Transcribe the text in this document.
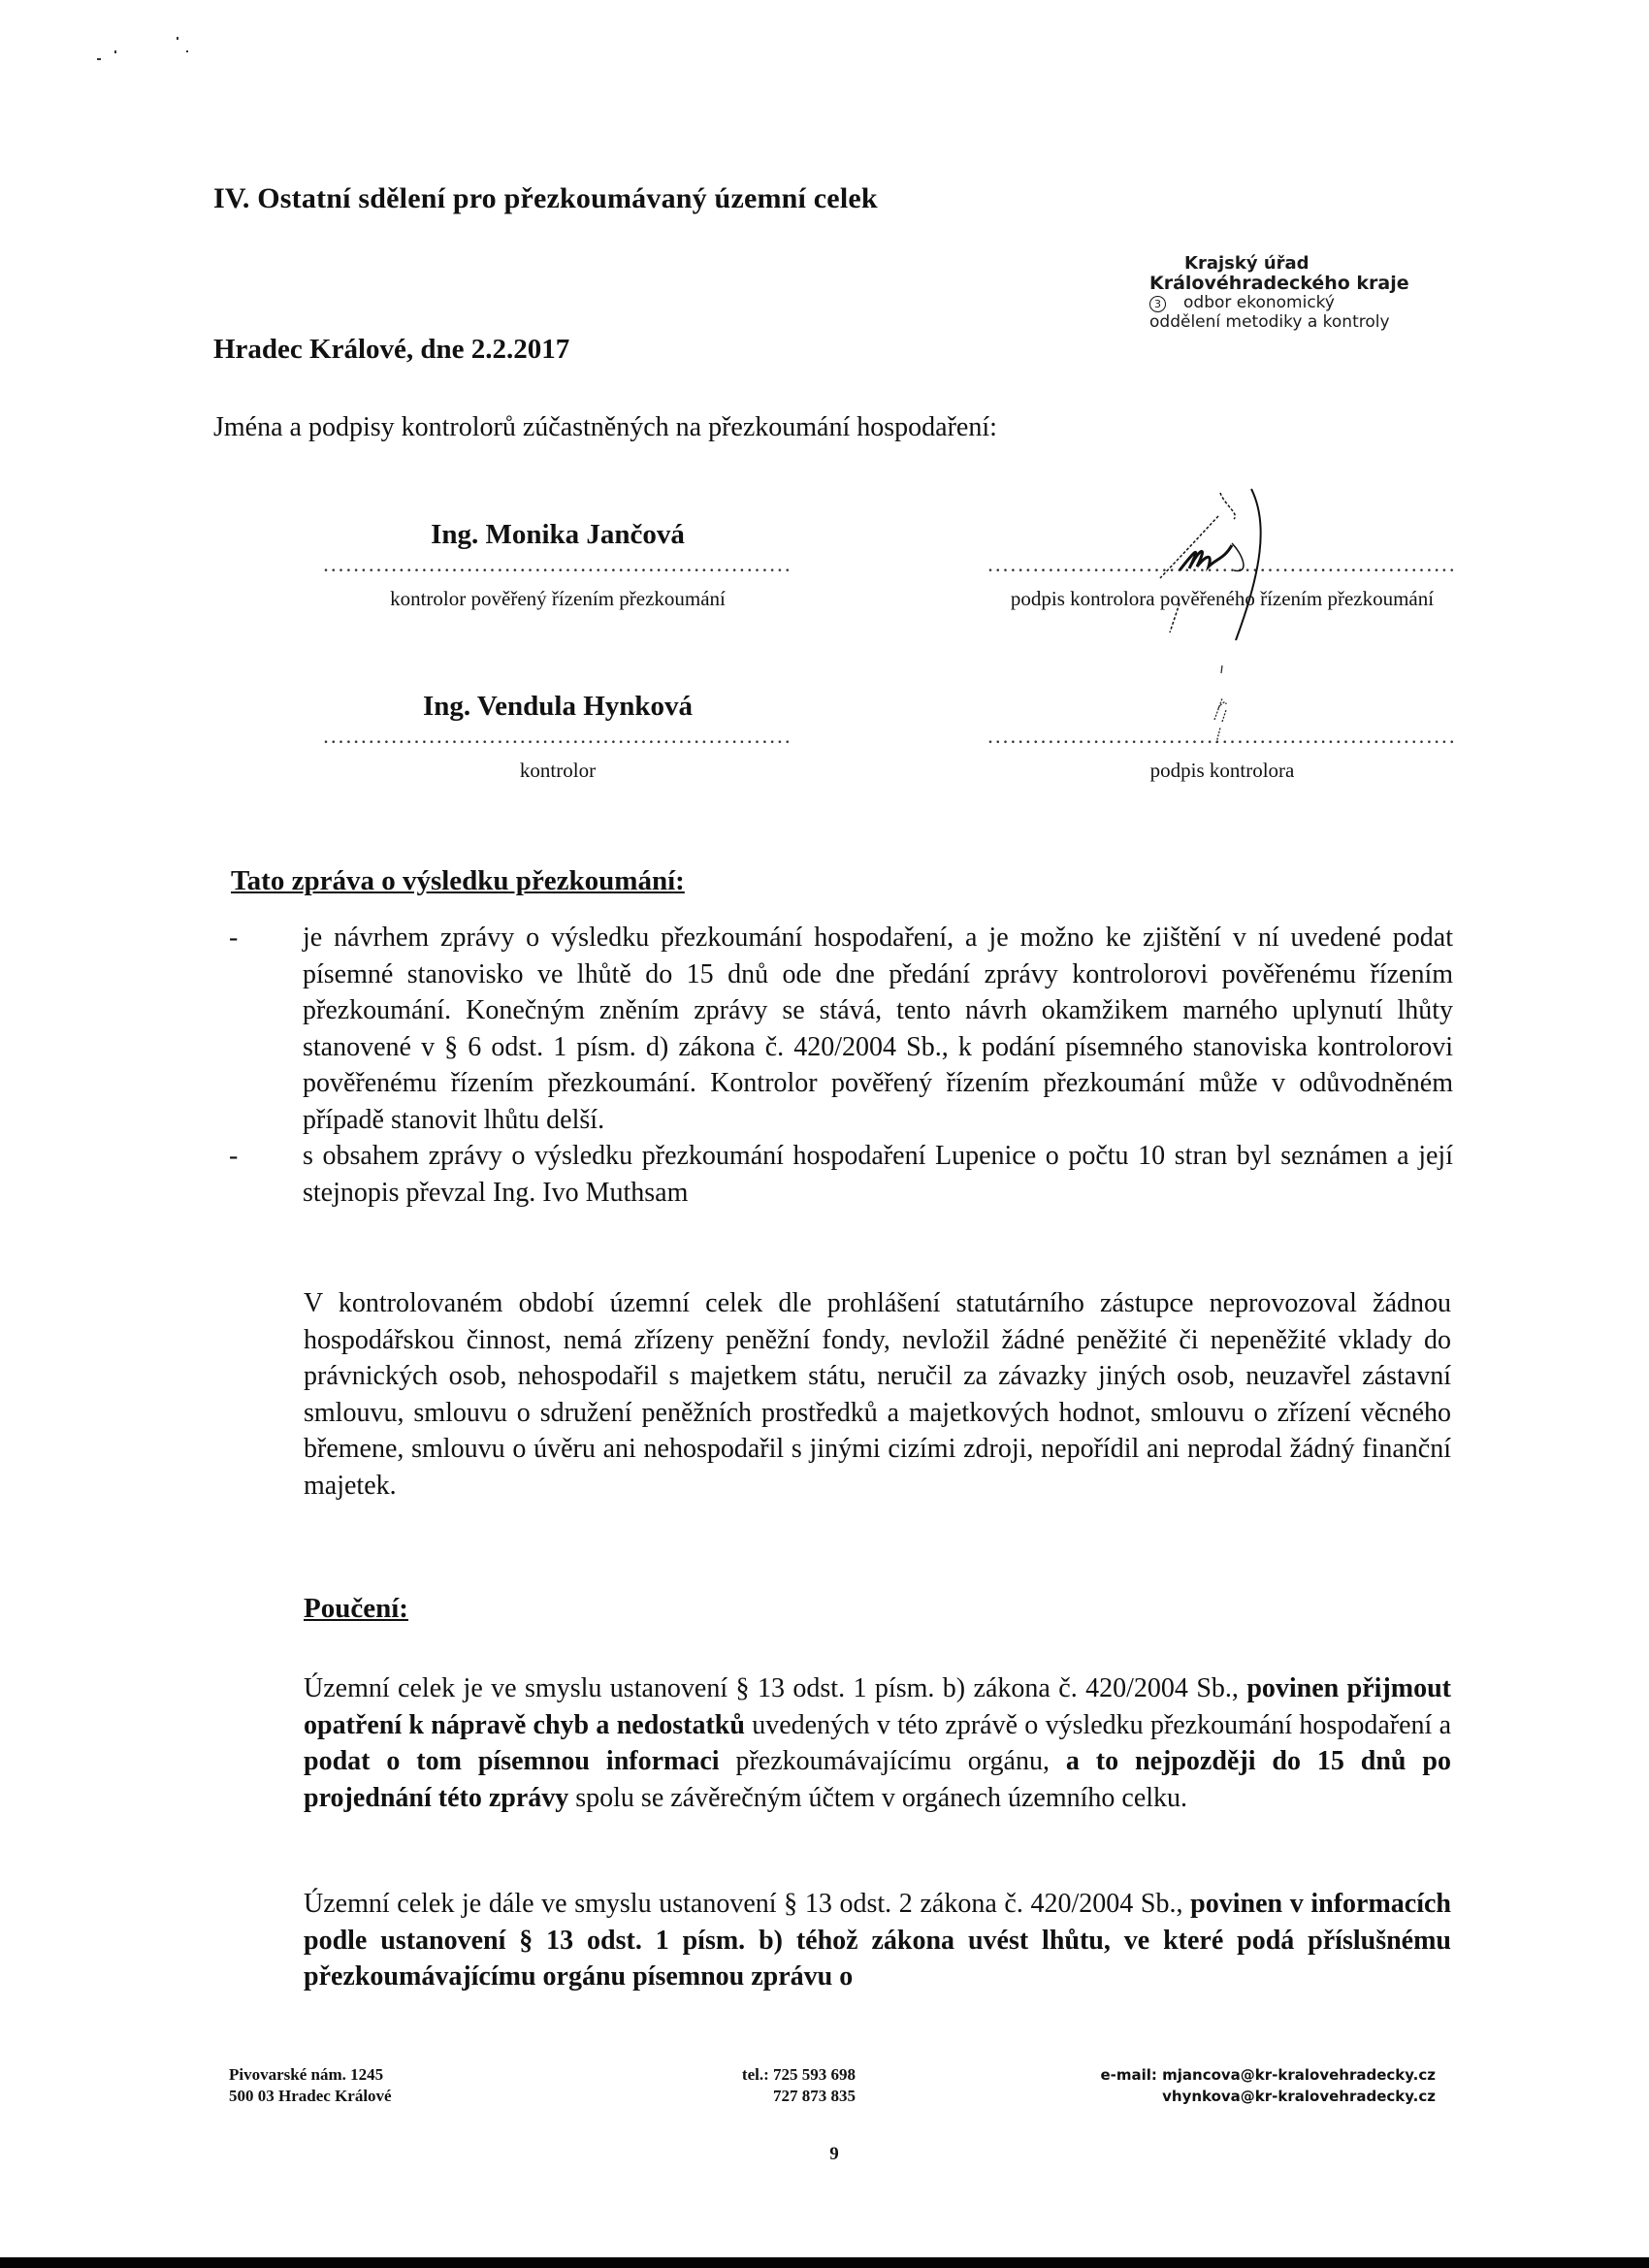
IV. Ostatní sdělení pro přezkoumávaný územní celek
Krajský úřad
Královéhradeckého kraje
3 odbor ekonomický
oddělení metodiky a kontroly
Hradec Králové, dne 2.2.2017
Jména a podpisy kontrolorů zúčastněných na přezkoumání hospodaření:
Ing. Monika Jančová
..............................................................
kontrolor pověřený řízením přezkoumání
..............................................................
podpis kontrolora pověřeného řízením přezkoumání
Ing. Vendula Hynková
..............................................................
kontrolor
..............................................................
podpis kontrolora
Tato zpráva o výsledku přezkoumání:
-	je návrhem zprávy o výsledku přezkoumání hospodaření, a je možno ke zjištění v ní uvedené podat písemné stanovisko ve lhůtě do 15 dnů ode dne předání zprávy kontrolorovi pověřenému řízením přezkoumání. Konečným zněním zprávy se stává, tento návrh okamžikem marného uplynutí lhůty stanovené v § 6 odst. 1 písm. d) zákona č. 420/2004 Sb., k podání písemného stanoviska kontrolorovi pověřenému řízením přezkoumání. Kontrolor pověřený řízením přezkoumání může v odůvodněném případě stanovit lhůtu delší.
-	s obsahem zprávy o výsledku přezkoumání hospodaření Lupenice o počtu 10 stran byl seznámen a její stejnopis převzal Ing. Ivo Muthsam
V kontrolovaném období územní celek dle prohlášení statutárního zástupce neprovozoval žádnou hospodářskou činnost, nemá zřízeny peněžní fondy, nevložil žádné peněžité či nepeněžité vklady do právnických osob, nehospodařil s majetkem státu, neručil za závazky jiných osob, neuzavřel zástavní smlouvu, smlouvu o sdružení peněžních prostředků a majetkových hodnot, smlouvu o zřízení věcného břemene, smlouvu o úvěru ani nehospodařil s jinými cizími zdroji, nepořídil ani neprodal žádný finanční majetek.
Poučení:
Územní celek je ve smyslu ustanovení § 13 odst. 1 písm. b) zákona č. 420/2004 Sb., povinen přijmout opatření k nápravě chyb a nedostatků uvedených v této zprávě o výsledku přezkoumání hospodaření a podat o tom písemnou informaci přezkoumávajícímu orgánu, a to nejpozději do 15 dnů po projednání této zprávy spolu se závěrečným účtem v orgánech územního celku.
Územní celek je dále ve smyslu ustanovení § 13 odst. 2 zákona č. 420/2004 Sb., povinen v informacích podle ustanovení § 13 odst. 1 písm. b) téhož zákona uvést lhůtu, ve které podá příslušnému přezkoumávajícímu orgánu písemnou zprávu o
Pivovarské nám. 1245
500 03 Hradec Králové
tel.: 725 593 698
727 873 835
e-mail: mjancova@kr-kralovehradecky.cz
vhynkova@kr-kralovehradecky.cz
9
